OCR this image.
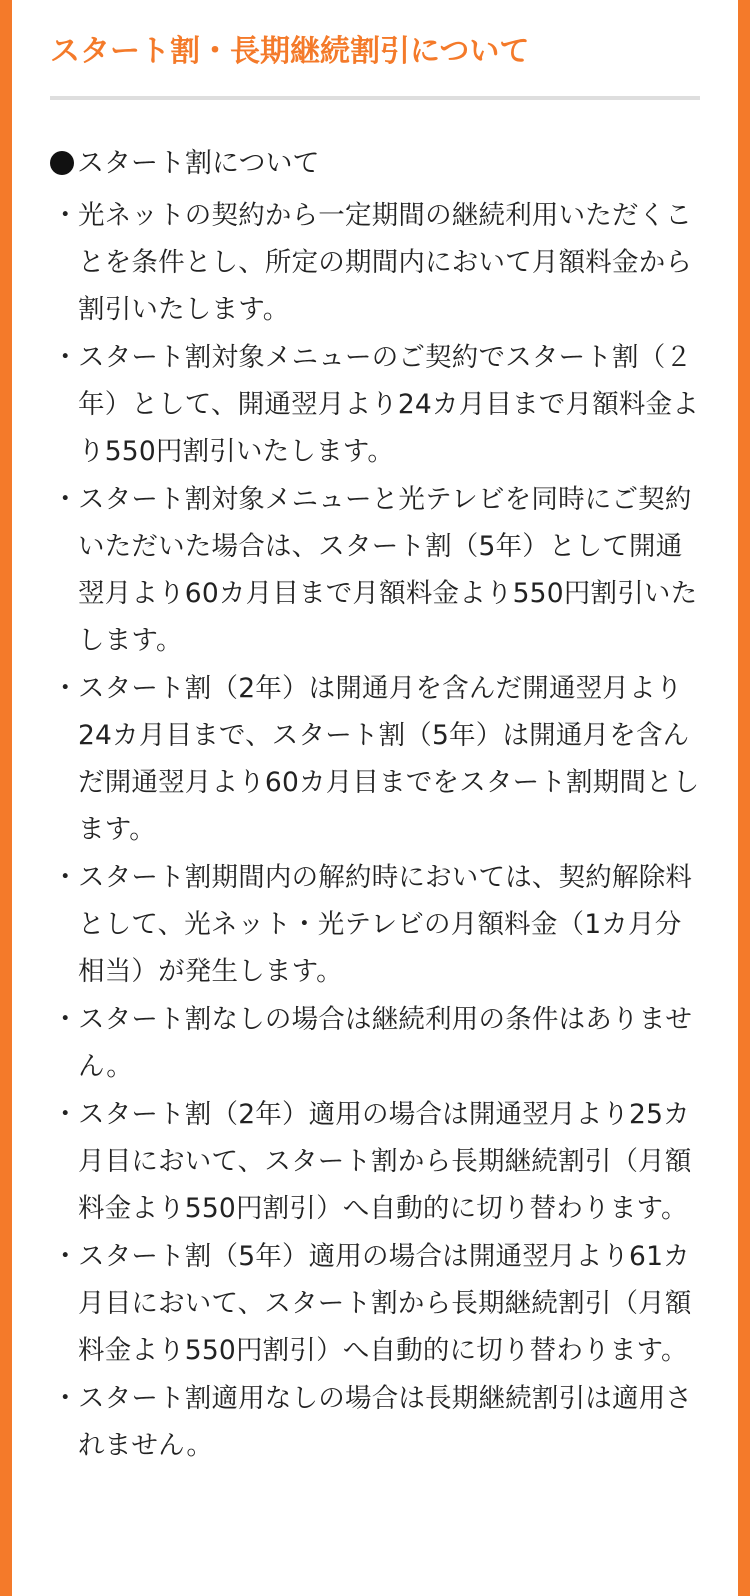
スタート割・長期継続割引について
スタート割について
・ 光ネットの契約から一定期間の継続利用いただくことを条件とし、所定の期間内において月額料金から割引いたします。
・ スタート割対象メニューのご契約でスタート割（２年）として、開通翌月より24カ月目まで月額料金より550円割引いたします。
・ スタート割対象メニューと光テレビを同時にご契約いただいた場合は、スタート割（5年）として開通翌月より60カ月目まで月額料金より550円割引いたします。
・ スタート割（2年）は開通月を含んだ開通翌月より24カ月目まで、スタート割（5年）は開通月を含んだ開通翌月より60カ月目までをスタート割期間とします。
・ スタート割期間内の解約時においては、契約解除料として、光ネット・光テレビの月額料金（1カ月分相当）が発生します。
・ スタート割なしの場合は継続利用の条件はありません。
・ スタート割（2年）適用の場合は開通翌月より25カ月目において、スタート割から長期継続割引（月額料金より550円割引）へ自動的に切り替わります。
・ スタート割（5年）適用の場合は開通翌月より61カ月目において、スタート割から長期継続割引（月額料金より550円割引）へ自動的に切り替わります。
・ スタート割適用なしの場合は長期継続割引は適用されません。
